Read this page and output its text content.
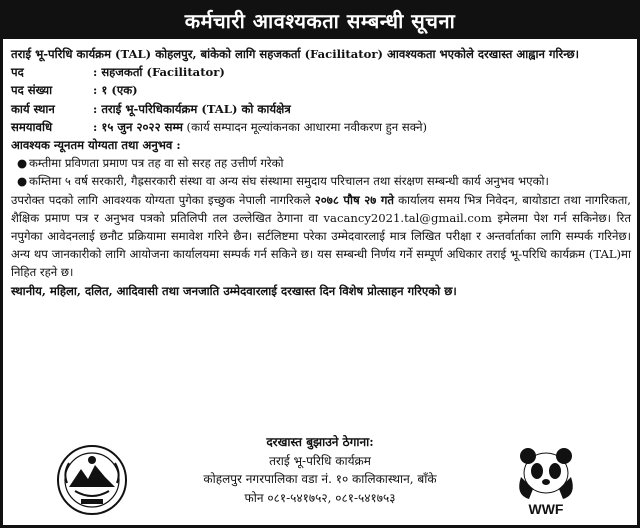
कर्मचारी आवश्यकता सम्बन्धी सूचना
तराई भू-परिधि कार्यक्रम (TAL) कोहलपुर, बांकेको लागि सहजकर्ता (Facilitator) आवश्यकता भएकोले दरखास्त आह्वान गरिन्छ।
पद	: सहजकर्ता (Facilitator)
पद संख्या	: १ (एक)
कार्य स्थान	: तराई भू-परिधिकार्यक्रम (TAL) को कार्यक्षेत्र
समयावधि	: १५ जुन २०२२ सम्म (कार्य सम्पादन मूल्यांकनका आधारमा नवीकरण हुन सक्ने)
आवश्यक न्यूनतम योग्यता तथा अनुभव :
● कम्तीमा प्रविणता प्रमाण पत्र तह वा सो सरह तह उत्तीर्ण गरेको
● कम्तिमा ५ वर्ष सरकारी, गैह्रसरकारी संस्था वा अन्य संघ संस्थामा समुदाय परिचालन तथा संरक्षण सम्बन्धी कार्य अनुभव भएको।
उपरोक्त पदको लागि आवश्यक योग्यता पुगेका इच्छुक नेपाली नागरिकले २०७८ पौष २७ गते कार्यालय समय भित्र निवेदन, बायोडाटा तथा नागरिकता, शैक्षिक प्रमाण पत्र र अनुभव पत्रको प्रतिलिपी तल उल्लेखित ठेगाना वा vacancy2021.tal@gmail.com इमेलमा पेश गर्न सकिनेछ। रित नपुगेका आवेदनलाई छनौट प्रक्रियामा समावेश गरिने छैन। सर्टलिष्टमा परेका उम्मेदवारलाई मात्र लिखित परीक्षा र अन्तर्वार्ताका लागि सम्पर्क गरिनेछ। अन्य थप जानकारीको लागि आयोजना कार्यालयमा सम्पर्क गर्न सकिने छ। यस सम्बन्धी निर्णय गर्ने सम्पूर्ण अधिकार तराई भू-परिधि कार्यक्रम (TAL)मा निहित रहने छ।
स्थानीय, महिला, दलित, आदिवासी तथा जनजाति उम्मेदवारलाई दरखास्त दिन विशेष प्रोत्साहन गरिएको छ।
दरखास्त बुझाउने ठेगाना:
तराई भू-परिधि कार्यक्रम
कोहलपुर नगरपालिका वडा नं. १० कालिकास्थान, बाँके
फोन ०८१-५४१७५२, ०८१-५४१७५३
WWF
